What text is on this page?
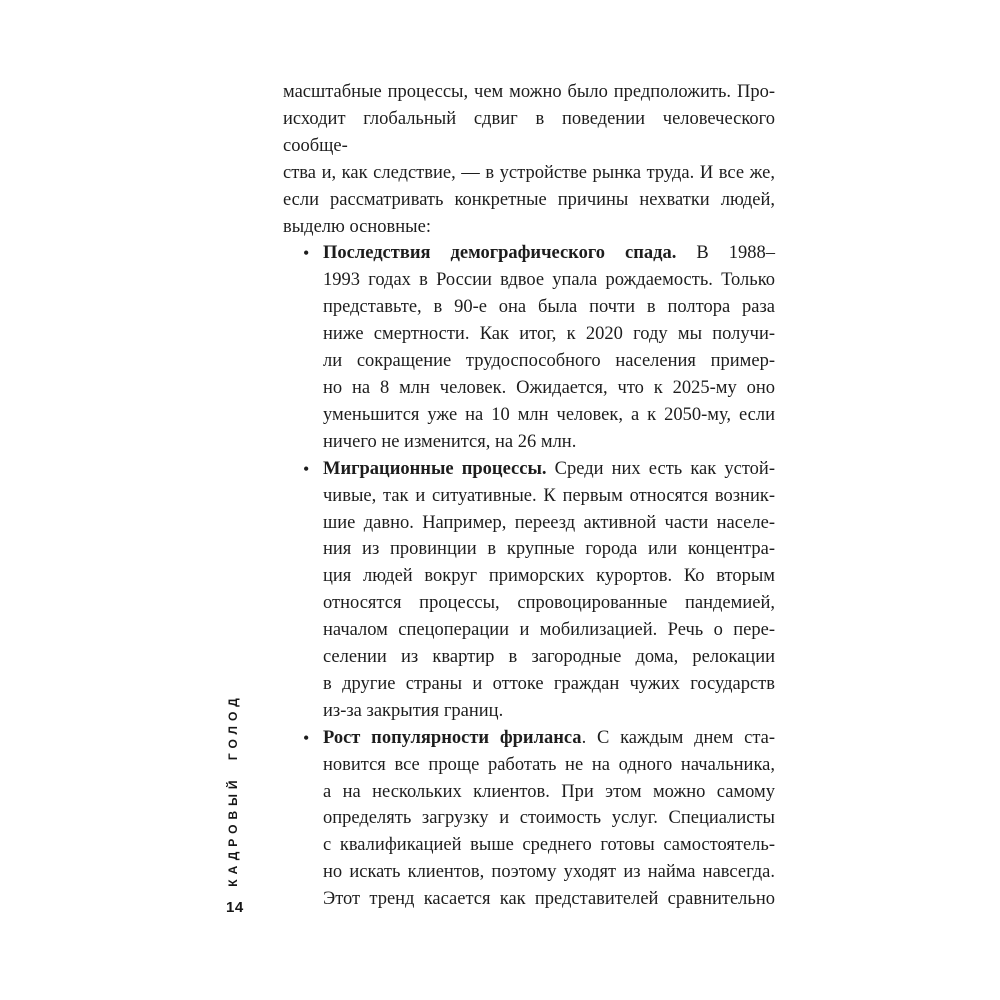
КАДРОВЫЙ ГОЛОД
14
масштабные процессы, чем можно было предположить. Про-
исходит глобальный сдвиг в поведении человеческого сообще-
ства и, как следствие, — в устройстве рынка труда. И все же,
если рассматривать конкретные причины нехватки людей,
выделю основные:
• Последствия демографического спада. В 1988–
1993 годах в России вдвое упала рождаемость. Только
представьте, в 90-е она была почти в полтора раза
ниже смертности. Как итог, к 2020 году мы получи-
ли сокращение трудоспособного населения пример-
но на 8 млн человек. Ожидается, что к 2025-му оно
уменьшится уже на 10 млн человек, а к 2050-му, если
ничего не изменится, на 26 млн.
• Миграционные процессы. Среди них есть как устой-
чивые, так и ситуативные. К первым относятся возник-
шие давно. Например, переезд активной части населе-
ния из провинции в крупные города или концентра-
ция людей вокруг приморских курортов. Ко вторым
относятся процессы, спровоцированные пандемией,
началом спецоперации и мобилизацией. Речь о пере-
селении из квартир в загородные дома, релокации
в другие страны и оттоке граждан чужих государств
из-за закрытия границ.
• Рост популярности фриланса. С каждым днем ста-
новится все проще работать не на одного начальника,
а на нескольких клиентов. При этом можно самому
определять загрузку и стоимость услуг. Специалисты
с квалификацией выше среднего готовы самостоятель-
но искать клиентов, поэтому уходят из найма навсегда.
Этот тренд касается как представителей сравнительно
